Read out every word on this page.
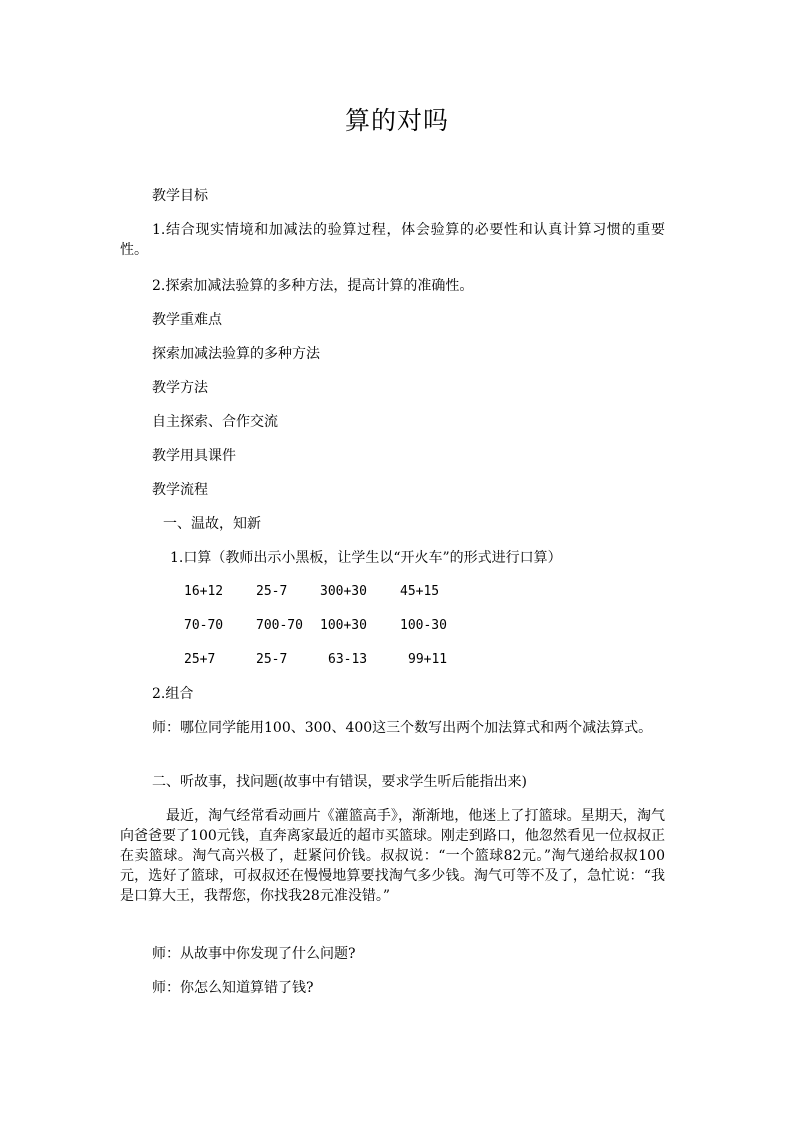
算的对吗
教学目标
1.结合现实情境和加减法的验算过程，体会验算的必要性和认真计算习惯的重要性。
2.探索加减法验算的多种方法，提高计算的准确性。
教学重难点
探索加减法验算的多种方法
教学方法
自主探索、合作交流
教学用具课件
教学流程
一、温故，知新
1.口算（教师出示小黑板，让学生以“开火车”的形式进行口算）
16+12	25-7	300+30	45+15
70-70	700-70 100+30	100-30
25+7	25-7	63-13	99+11
2.组合
师：哪位同学能用100、300、400这三个数写出两个加法算式和两个减法算式。
二、听故事，找问题(故事中有错误，要求学生听后能指出来)
最近，淘气经常看动画片《灌篮高手》，渐渐地，他迷上了打篮球。星期天，淘气向爸爸要了100元钱，直奔离家最近的超市买篮球。刚走到路口，他忽然看见一位叔叔正在卖篮球。淘气高兴极了，赶紧问价钱。叔叔说：“一个篮球82元。”淘气递给叔叔100元，选好了篮球，可叔叔还在慢慢地算要找淘气多少钱。淘气可等不及了，急忙说：“我是口算大王，我帮您，你找我28元准没错。”
师：从故事中你发现了什么问题?
师：你怎么知道算错了钱?
